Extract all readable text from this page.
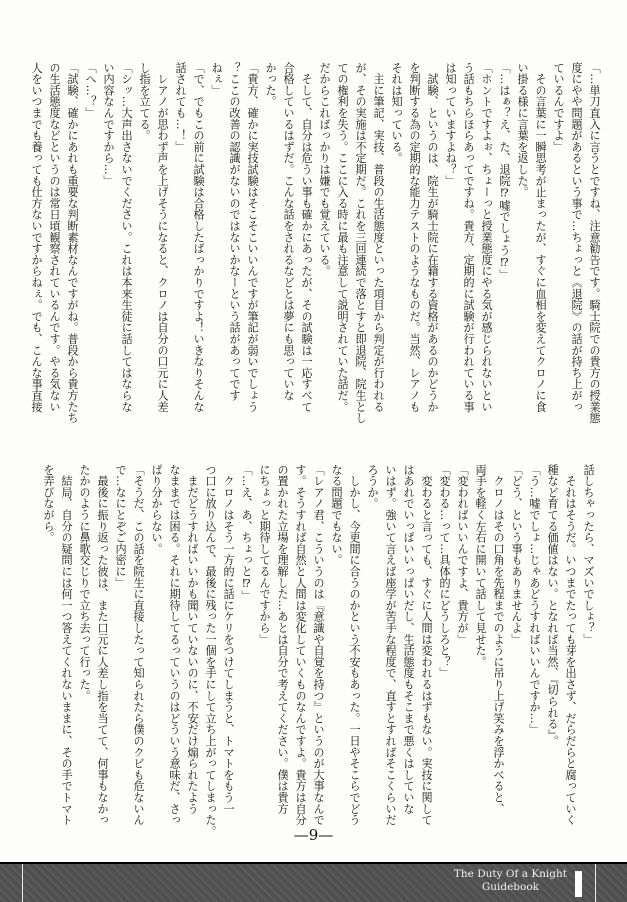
「…単刀直入に言うとですね、注意勧告です。騎士院での貴方の授業態
度にやや問題があるという事で…ちょっと《退院》の話が持ち上がっ
ているんですよ」
　その言葉に一瞬思考が止まったが、すぐに血相を変えてクロノに食
い掛る様に言葉を返した。
「…はぁ？え、た、退院⁉嘘でしょう⁉」
「ホントですよぉ、ちょーっと授業態度にやる気が感じられないとい
う話もちらほらあってですね。貴方、定期的に試験が行われている事
は知っていますよね？」
　試験、というのは、院生が騎士院に在籍する資格があるのかどうか
を判断する為の定期的な能力テストのようなものだ。当然、レアノも
それは知っている。
　主に筆記、実技、普段の生活態度といった項目から判定が行われる
が、その実施は不定期だ。これを三回連続で落とすと即退院、院生とし
ての権利を失う。ここに入る時に最も注意して説明されていた話だ。
だからこればっかりは嫌でも覚えている。
　そして、自分は危うい事も確かにあったが、その試験は一応すべて
合格しているはずだ。こんな話をされるなどとは夢にも思っていな
かった。
「貴方、確かに実技試験はそこそこいいんですが筆記が弱いでしょう
？ここの改善の認識がないのではないかなーという話があってです
ねぇ」
「で、でもこの前に試験は合格したばっかりですよ！いきなりそんな
話されても…！」
　レアノが思わず声を上げそうになると、クロノは自分の口元に人差
し指を立てる。
「シッ…大声出さないでください。これは本来生徒に話してはならな
い内容なんですから…」
「へ…？」
「試験、確かにあれも重要な判断素材なんですがね。普段から貴方たち
の生活態度などというのは常日頃観察されているんです。やる気ない
人をいつまでも養っても仕方ないですからねぇ。でも、こんな事直接
話しちゃったら、マズいでしょ？」
　それはそうだ。いつまでたっても芽を出さず、だらだらと腐っていく
種など育てる価値はない。となれば当然、『切られる』。
「う…嘘でしょ…じゃあどうすればいいんですか…」
「どう、という事もありませんよ」
　クロノはその口角を先程までのように吊り上げ笑みを浮かべると、
両手を軽く左右に開いて話して見せた。
「変わればいいんですよ、貴方が」
「変わる…って…具体的にどうしろと？」
　変わると言っても、すぐに人間は変われるはずもない。実技に関して
はあれでいっぱいいっぱいだし、生活態度もそこまで悪くはしていな
いはず。強いて言えば座学が苦手な程度で、直すとすればそこくらいだ
ろうか。
　しかし、今更間に合うのかという不安もあった。一日やそこらでどう
なる問題でもない。
「レアノ君、こういうのは『意識や自覚を持つ』というのが大事なんで
す。そうすれば自然と人間は変化していくものなんですよ。貴方は自分
の置かれた立場を理解した…あとは自分で考えてください。僕は貴方
にちょっと期待してるんですから」
「…え、あ、ちょっと⁉」
　クロノはそう一方的に話にケリをつけてしまうと、トマトをもう一
つ口に放り込んで、最後に残った一個を手にして立ち上がってしまった。
　まだどうすればいいかも聞いていないのに、不安だけ煽られたよう
なままでは困る。それに期待してるっていうのはどういう意味だ、さっ
ぱり分からない。
「そうだ、この話を院生に直接したって知られたら僕のクビも危ないん
で…なにとぞご内密に」
　最後に振り返った彼は、また口元に人差し指を当てて、何事もなかっ
たかのように鼻歌交じりで立ち去って行った。
　結局、自分の疑問には何一つ答えてくれないままに、その手でトマト
を弄びながら。
—9—
The Duty Of a Knight
Guidebook
